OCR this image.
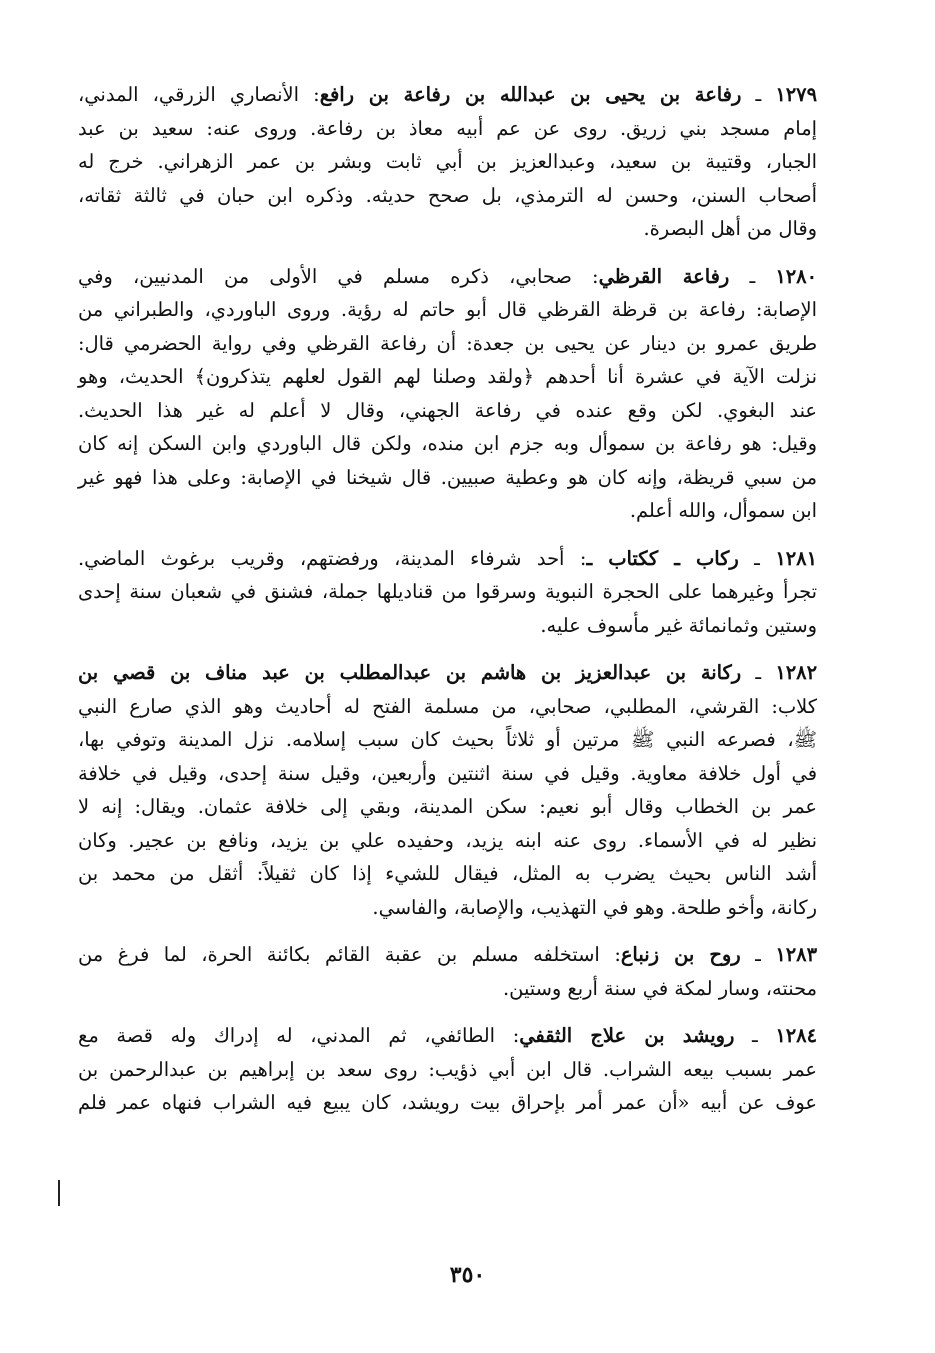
١٢٧٩ ـ رفاعة بن يحيى بن عبدالله بن رفاعة بن رافع: الأنصاري الزرقي، المدني،
إمام مسجد بني زريق. روى عن عم أبيه معاذ بن رفاعة. وروى عنه: سعيد بن عبد
الجبار، وقتيبة بن سعيد، وعبدالعزيز بن أبي ثابت وبشر بن عمر الزهراني. خرج له
أصحاب السنن، وحسن له الترمذي، بل صحح حديثه. وذكره ابن حبان في ثالثة ثقاته،
وقال من أهل البصرة.
١٢٨٠ ـ رفاعة القرظي: صحابي، ذكره مسلم في الأولى من المدنيين، وفي
الإصابة: رفاعة بن قرظة القرظي قال أبو حاتم له رؤية. وروى الباوردي، والطبراني من
طريق عمرو بن دينار عن يحيى بن جعدة: أن رفاعة القرظي وفي رواية الحضرمي قال:
نزلت الآية في عشرة أنا أحدهم ﴿ولقد وصلنا لهم القول لعلهم يتذكرون﴾ الحديث، وهو
عند البغوي. لكن وقع عنده في رفاعة الجهني، وقال لا أعلم له غير هذا الحديث.
وقيل: هو رفاعة بن سموأل وبه جزم ابن منده، ولكن قال الباوردي وابن السكن إنه كان
من سبي قريظة، وإنه كان هو وعطية صبيين. قال شيخنا في الإصابة: وعلى هذا فهو غير
ابن سموأل، والله أعلم.
١٢٨١ ـ ركاب ـ ككتاب ـ: أحد شرفاء المدينة، ورفضتهم، وقريب برغوث الماضي.
تجرأ وغيرهما على الحجرة النبوية وسرقوا من قناديلها جملة، فشنق في شعبان سنة إحدى
وستين وثمانمائة غير مأسوف عليه.
١٢٨٢ ـ ركانة بن عبدالعزيز بن هاشم بن عبدالمطلب بن عبد مناف بن قصي بن
كلاب: القرشي، المطلبي، صحابي، من مسلمة الفتح له أحاديث وهو الذي صارع النبي
ﷺ، فصرعه النبي ﷺ مرتين أو ثلاثاً بحيث كان سبب إسلامه. نزل المدينة وتوفي بها،
في أول خلافة معاوية. وقيل في سنة اثنتين وأربعين، وقيل سنة إحدى، وقيل في خلافة
عمر بن الخطاب وقال أبو نعيم: سكن المدينة، وبقي إلى خلافة عثمان. ويقال: إنه لا
نظير له في الأسماء. روى عنه ابنه يزيد، وحفيده علي بن يزيد، ونافع بن عجير. وكان
أشد الناس بحيث يضرب به المثل، فيقال للشيء إذا كان ثقيلاً: أثقل من محمد بن
ركانة، وأخو طلحة. وهو في التهذيب، والإصابة، والفاسي.
١٢٨٣ ـ روح بن زنباع: استخلفه مسلم بن عقبة القائم بكائنة الحرة، لما فرغ من
محنته، وسار لمكة في سنة أربع وستين.
١٢٨٤ ـ رويشد بن علاج الثقفي: الطائفي، ثم المدني، له إدراك وله قصة مع
عمر بسبب بيعه الشراب. قال ابن أبي ذؤيب: روى سعد بن إبراهيم بن عبدالرحمن بن
عوف عن أبيه «أن عمر أمر بإحراق بيت رويشد، كان يبيع فيه الشراب فنهاه عمر فلم
٣٥٠
